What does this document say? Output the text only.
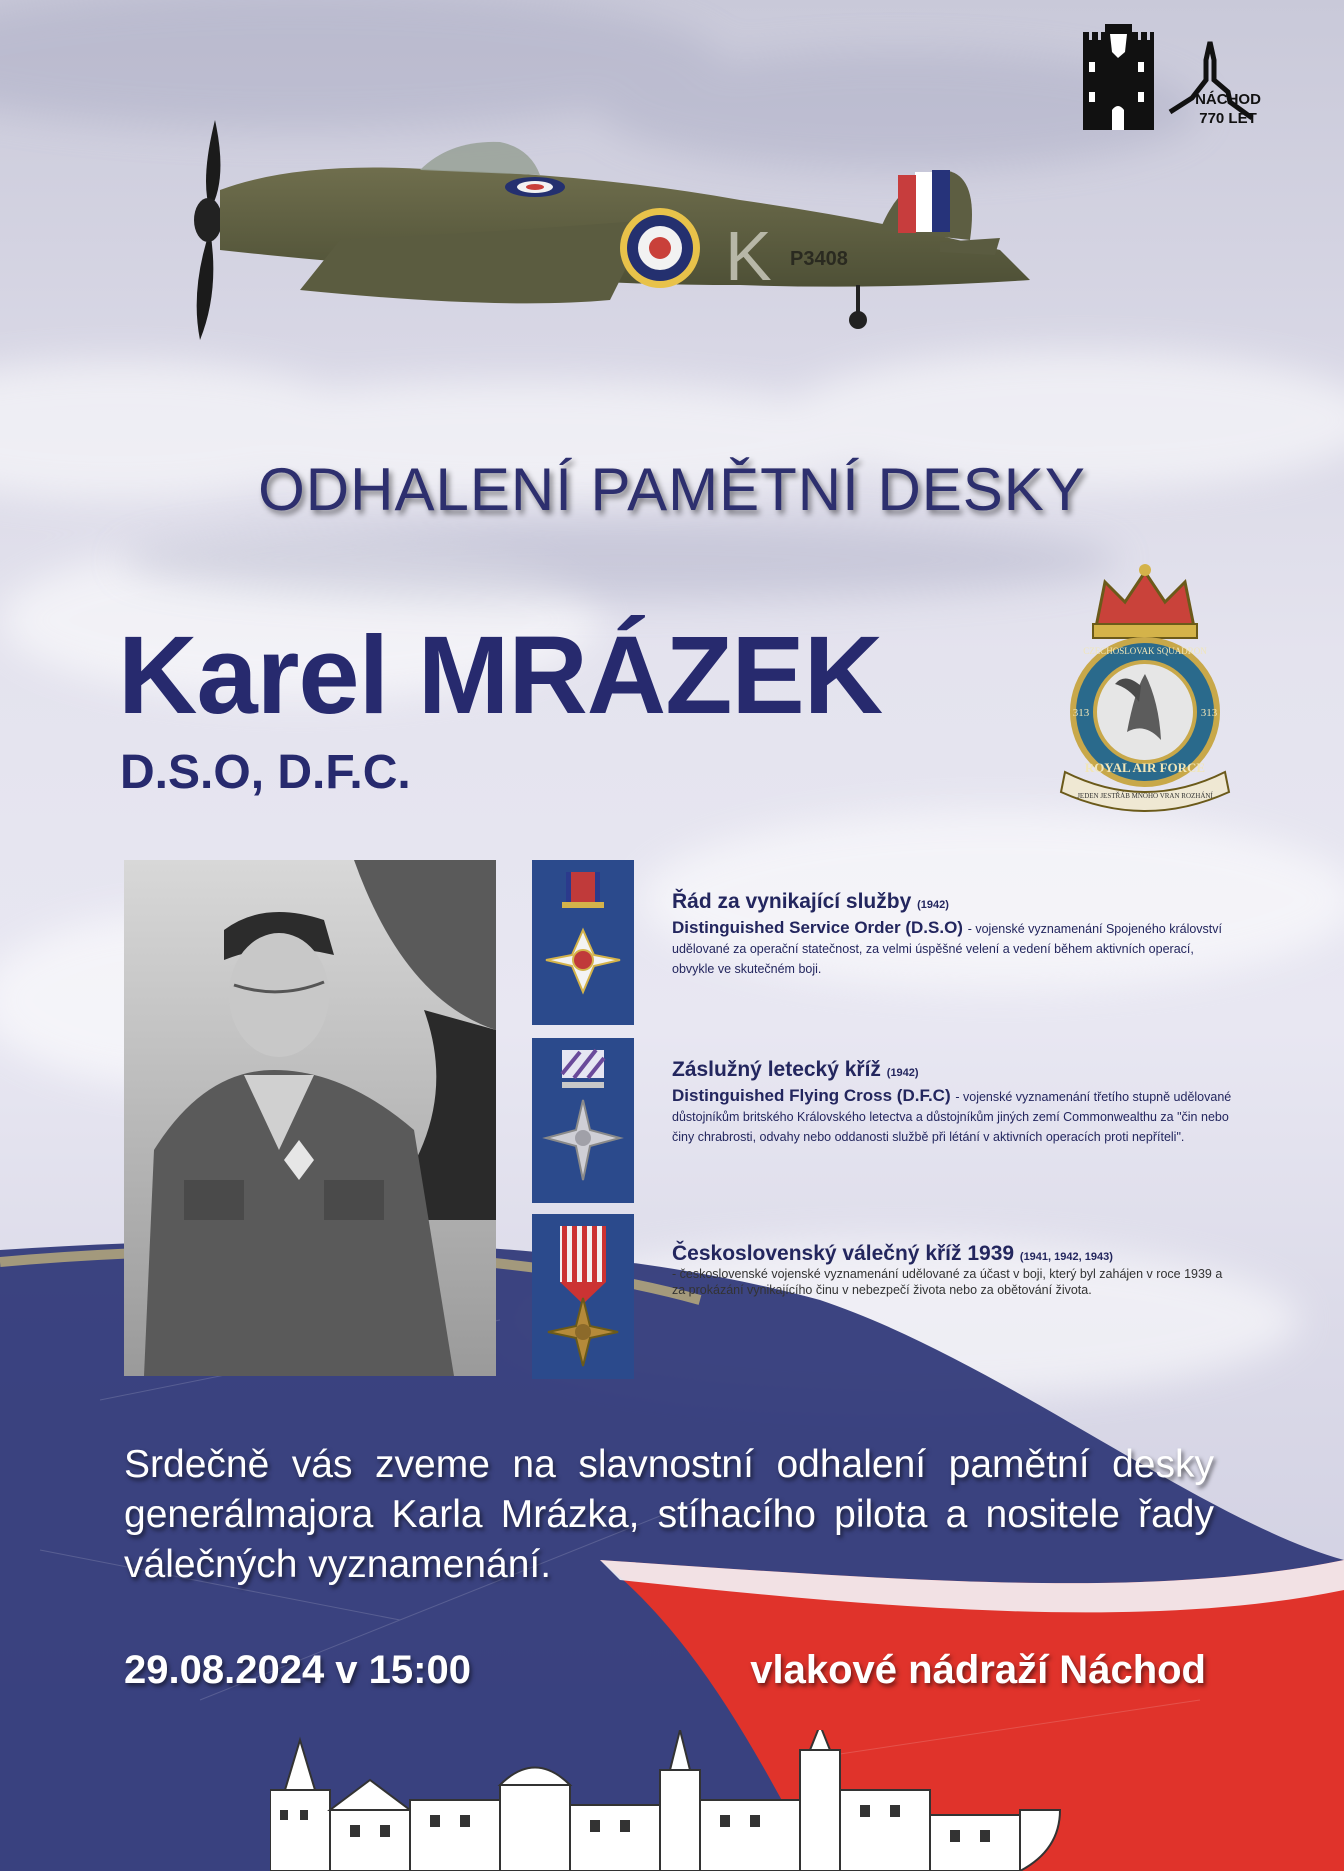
NÁCHOD
770 LET
K P3408
ODHALENÍ PAMĚTNÍ DESKY
Karel MRÁZEK
D.S.O, D.F.C.
CZECHOSLOVAK SQUADRON
313	313
ROYAL AIR FORCE
JEDEN JESTŘÁB MNOHO VRAN ROZHÁNÍ
Řád za vynikající služby (1942)
Distinguished Service Order (D.S.O) - vojenské vyznamenání Spojeného království udělované za operační statečnost, za velmi úspěšné velení a vedení během aktivních operací, obvykle ve skutečném boji.
Záslužný letecký kříž (1942)
Distinguished Flying Cross (D.F.C) - vojenské vyznamenání třetího stupně udělované důstojníkům britského Královského letectva a důstojníkům jiných zemí Commonwealthu za "čin nebo činy chrabrosti, odvahy nebo oddanosti službě při létání v aktivních operacích proti nepříteli".
Československý válečný kříž 1939 (1941, 1942, 1943)
- československé vojenské vyznamenání udělované za účast v boji, který byl zahájen v roce 1939 a za prokázání vynikajícího činu v nebezpečí života nebo za obětování života.
Srdečně vás zveme na slavnostní odhalení pamětní desky generálmajora Karla Mrázka, stíhacího pilota a nositele řady válečných vyznamenání.
29.08.2024 v 15:00	vlakové nádraží Náchod
